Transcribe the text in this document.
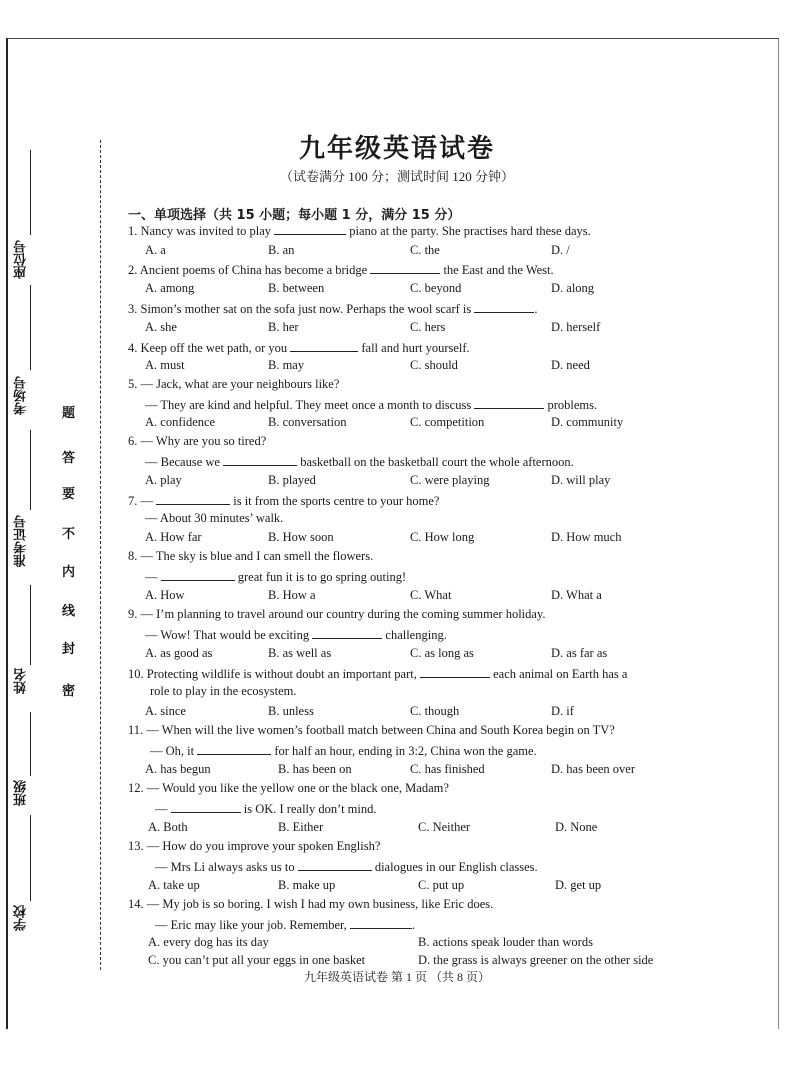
题
答
要
不
内
线
封
密
座位号
考场号
准考证号
姓名
班级
学校
九年级英语试卷
（试卷满分 100 分；测试时间 120 分钟）
一、单项选择（共 15 小题；每小题 1 分，满分 15 分）
1. Nancy was invited to play	piano at the party. She practises hard these days.
A. a	B. an	C. the	D. /
2. Ancient poems of China has become a bridge	the East and the West.
A. among	B. between	C. beyond	D. along
3. Simon’s mother sat on the sofa just now. Perhaps the wool scarf is	.
A. she	B. her	C. hers	D. herself
4. Keep off the wet path, or you	fall and hurt yourself.
A. must	B. may	C. should	D. need
5. — Jack, what are your neighbours like?
— They are kind and helpful. They meet once a month to discuss	problems.
A. confidence	B. conversation	C. competition	D. community
6. — Why are you so tired?
— Because we	basketball on the basketball court the whole afternoon.
A. play	B. played	C. were playing	D. will play
7. —	is it from the sports centre to your home?
— About 30 minutes’ walk.
A. How far	B. How soon	C. How long	D. How much
8. — The sky is blue and I can smell the flowers.
—	great fun it is to go spring outing!
A. How	B. How a	C. What	D. What a
9. — I’m planning to travel around our country during the coming summer holiday.
— Wow! That would be exciting	challenging.
A. as good as	B. as well as	C. as long as	D. as far as
10. Protecting wildlife is without doubt an important part,	each animal on Earth has a
role to play in the ecosystem.
A. since	B. unless	C. though	D. if
11. — When will the live women’s football match between China and South Korea begin on TV?
— Oh, it	for half an hour, ending in 3:2, China won the game.
A. has begun	B. has been on	C. has finished	D. has been over
12. — Would you like the yellow one or the black one, Madam?
—	is OK. I really don’t mind.
A. Both	B. Either	C. Neither	D. None
13. — How do you improve your spoken English?
— Mrs Li always asks us to	dialogues in our English classes.
A. take up	B. make up	C. put up	D. get up
14. — My job is so boring. I wish I had my own business, like Eric does.
— Eric may like your job. Remember,	.
A. every dog has its day	B. actions speak louder than words
C. you can’t put all your eggs in one basket	D. the grass is always greener on the other side
九年级英语试卷 第 1 页 （共 8 页）
